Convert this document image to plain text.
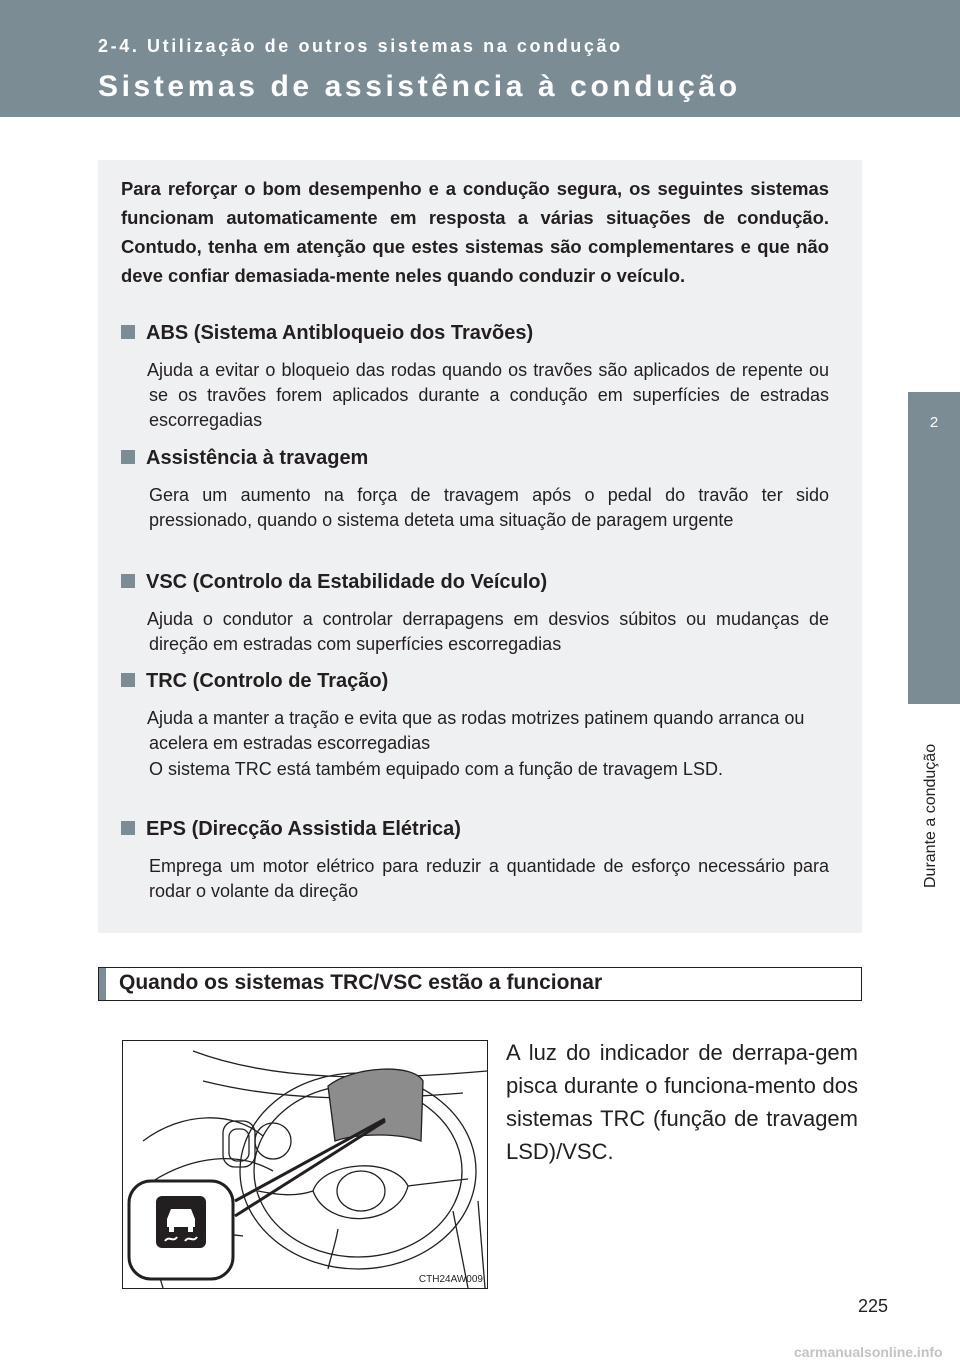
2-4. Utilização de outros sistemas na condução
Sistemas de assistência à condução
2
Durante a condução
Para reforçar o bom desempenho e a condução segura, os seguintes sistemas funcionam automaticamente em resposta a várias situações de condução. Contudo, tenha em atenção que estes sistemas são complementares e que não deve confiar demasiada-mente neles quando conduzir o veículo.
ABS (Sistema Antibloqueio dos Travões)
Ajuda a evitar o bloqueio das rodas quando os travões são aplicados de repente ou se os travões forem aplicados durante a condução em superfícies de estradas escorregadias
Assistência à travagem
Gera um aumento na força de travagem após o pedal do travão ter sido pressionado, quando o sistema deteta uma situação de paragem urgente
VSC (Controlo da Estabilidade do Veículo)
Ajuda o condutor a controlar derrapagens em desvios súbitos ou mudanças de direção em estradas com superfícies escorregadias
TRC (Controlo de Tração)
Ajuda a manter a tração e evita que as rodas motrizes patinem quando arranca ou acelera em estradas escorregadias
O sistema TRC está também equipado com a função de travagem LSD.
EPS (Direcção Assistida Elétrica)
Emprega um motor elétrico para reduzir a quantidade de esforço necessário para rodar o volante da direção
Quando os sistemas TRC/VSC estão a funcionar
CTH24AW009
A luz do indicador de derrapa-gem pisca durante o funciona-mento dos sistemas TRC (função de travagem LSD)/VSC.
225
carmanualsonline.info
